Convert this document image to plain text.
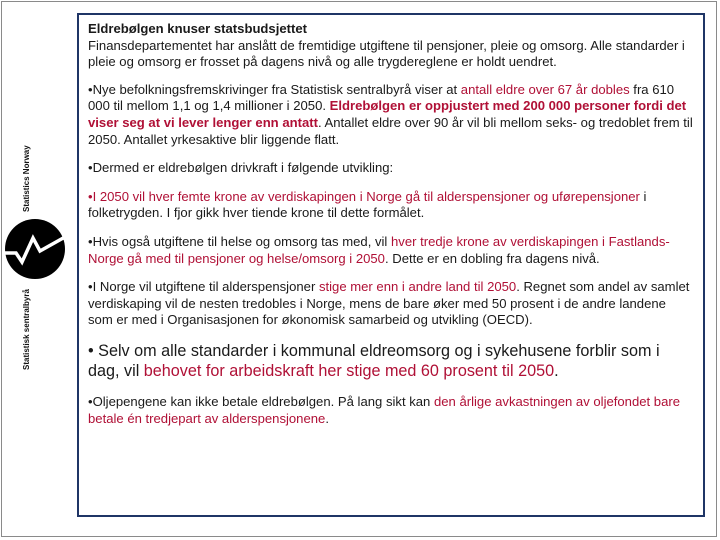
Statistics Norway
Statistisk sentralbyrå

Eldrebølgen knuser statsbudsjettet
Finansdepartementet har anslått de fremtidige utgiftene til pensjoner, pleie og omsorg. Alle standarder i pleie og omsorg er frosset på dagens nivå og alle trygdereglene er holdt uendret.

•Nye befolkningsfremskrivinger fra Statistisk sentralbyrå viser at antall eldre over 67 år dobles fra 610 000 til mellom 1,1 og 1,4 millioner i 2050. Eldrebølgen er oppjustert med 200 000 personer fordi det viser seg at vi lever lenger enn antatt. Antallet eldre over 90 år vil bli mellom seks- og tredoblet frem til 2050. Antallet yrkesaktive blir liggende flatt.

•Dermed er eldrebølgen drivkraft i følgende utvikling:

•I 2050 vil hver femte krone av verdiskapingen i Norge gå til alderspensjoner og uførepensjoner i folketrygden. I fjor gikk hver tiende krone til dette formålet.

•Hvis også utgiftene til helse og omsorg tas med, vil hver tredje krone av verdiskapingen i Fastlands-Norge gå med til pensjoner og helse/omsorg i 2050. Dette er en dobling fra dagens nivå.

•I Norge vil utgiftene til alderspensjoner stige mer enn i andre land til 2050. Regnet som andel av samlet verdiskaping vil de nesten tredobles i Norge, mens de bare øker med 50 prosent i de andre landene som er med i Organisasjonen for økonomisk samarbeid og utvikling (OECD).

• Selv om alle standarder i kommunal eldreomsorg og i sykehusene forblir som i dag, vil behovet for arbeidskraft her stige med 60 prosent til 2050.

•Oljepengene kan ikke betale eldrebølgen. På lang sikt kan den årlige avkastningen av oljefondet bare betale én tredjepart av alderspensjonene.
